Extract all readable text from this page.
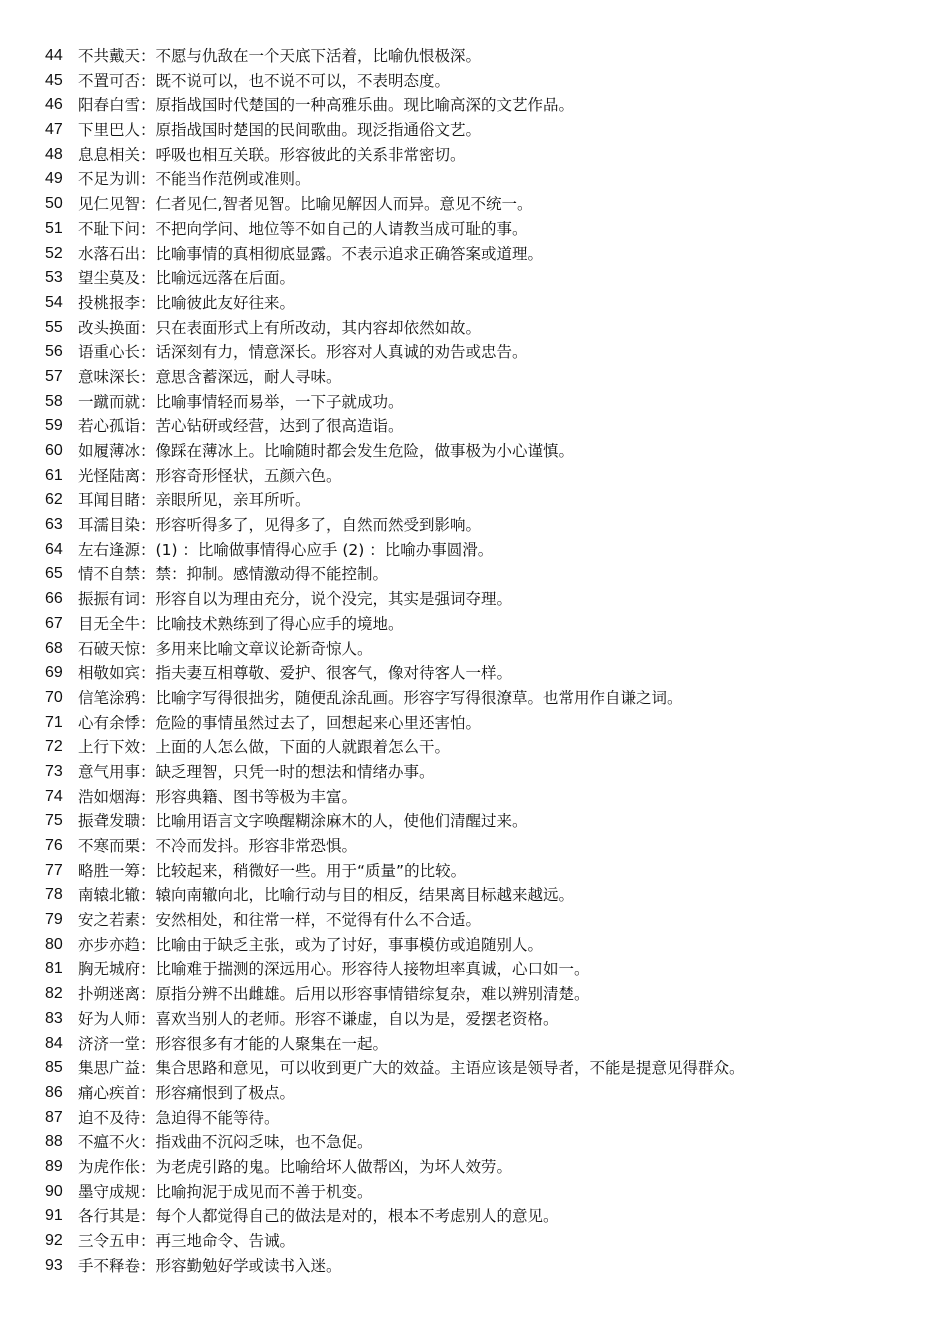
44 不共戴天：不愿与仇敌在一个天底下活着，比喻仇恨极深。
45 不置可否：既不说可以，也不说不可以，不表明态度。
46 阳春白雪：原指战国时代楚国的一种高雅乐曲。现比喻高深的文艺作品。
47 下里巴人：原指战国时楚国的民间歌曲。现泛指通俗文艺。
48 息息相关：呼吸也相互关联。形容彼此的关系非常密切。
49 不足为训：不能当作范例或准则。
50 见仁见智：仁者见仁,智者见智。比喻见解因人而异。意见不统一。
51 不耻下问：不把向学问、地位等不如自己的人请教当成可耻的事。
52 水落石出：比喻事情的真相彻底显露。不表示追求正确答案或道理。
53 望尘莫及：比喻远远落在后面。
54 投桃报李：比喻彼此友好往来。
55 改头换面：只在表面形式上有所改动，其内容却依然如故。
56 语重心长：话深刻有力，情意深长。形容对人真诚的劝告或忠告。
57 意味深长：意思含蓄深远，耐人寻味。
58 一蹴而就：比喻事情轻而易举，一下子就成功。
59 若心孤诣：苦心钻研或经营，达到了很高造诣。
60 如履薄冰：像踩在薄冰上。比喻随时都会发生危险，做事极为小心谨慎。
61 光怪陆离：形容奇形怪状，五颜六色。
62 耳闻目睹：亲眼所见，亲耳所听。
63 耳濡目染：形容听得多了，见得多了，自然而然受到影响。
64 左右逢源：(1) ：比喻做事情得心应手 (2) ：比喻办事圆滑。
65 情不自禁：禁：抑制。感情激动得不能控制。
66 振振有词：形容自以为理由充分，说个没完，其实是强词夺理。
67 目无全牛：比喻技术熟练到了得心应手的境地。
68 石破天惊：多用来比喻文章议论新奇惊人。
69 相敬如宾：指夫妻互相尊敬、爱护、很客气，像对待客人一样。
70 信笔涂鸦：比喻字写得很拙劣，随便乱涂乱画。形容字写得很潦草。也常用作自谦之词。
71 心有余悸：危险的事情虽然过去了，回想起来心里还害怕。
72 上行下效：上面的人怎么做，下面的人就跟着怎么干。
73 意气用事：缺乏理智，只凭一时的想法和情绪办事。
74 浩如烟海：形容典籍、图书等极为丰富。
75 振聋发聩：比喻用语言文字唤醒糊涂麻木的人，使他们清醒过来。
76 不寒而栗：不冷而发抖。形容非常恐惧。
77 略胜一筹：比较起来，稍微好一些。用于“质量”的比较。
78 南辕北辙：辕向南辙向北，比喻行动与目的相反，结果离目标越来越远。
79 安之若素：安然相处，和往常一样，不觉得有什么不合适。
80 亦步亦趋：比喻由于缺乏主张，或为了讨好，事事模仿或追随别人。
81 胸无城府：比喻难于揣测的深远用心。形容待人接物坦率真诚，心口如一。
82 扑朔迷离：原指分辨不出雌雄。后用以形容事情错综复杂，难以辨别清楚。
83 好为人师：喜欢当别人的老师。形容不谦虚，自以为是，爱摆老资格。
84 济济一堂：形容很多有才能的人聚集在一起。
85 集思广益：集合思路和意见，可以收到更广大的效益。主语应该是领导者，不能是提意见得群众。
86 痛心疾首：形容痛恨到了极点。
87 迫不及待：急迫得不能等待。
88 不瘟不火：指戏曲不沉闷乏味，也不急促。
89 为虎作伥：为老虎引路的鬼。比喻给坏人做帮凶，为坏人效劳。
90 墨守成规：比喻拘泥于成见而不善于机变。
91 各行其是：每个人都觉得自己的做法是对的，根本不考虑别人的意见。
92 三令五申：再三地命令、告诫。
93 手不释卷：形容勤勉好学或读书入迷。
